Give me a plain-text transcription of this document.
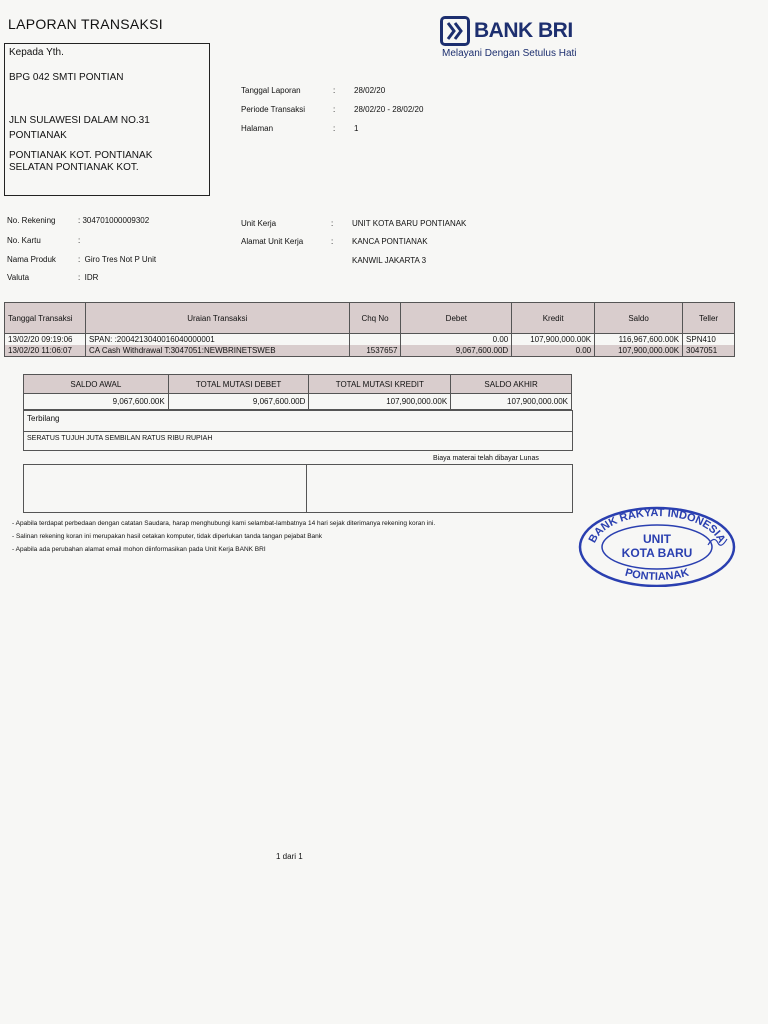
LAPORAN TRANSAKSI
Kepada Yth.
BPG 042 SMTI PONTIAN
JLN SULAWESI DALAM NO.31
PONTIANAK
PONTIANAK KOT. PONTIANAK
SELATAN PONTIANAK KOT.
BANK BRI
Melayani Dengan Setulus Hati
Tanggal Laporan	: 28/02/20
Periode Transaksi	: 28/02/20 - 28/02/20
Halaman	: 1
No. Rekening	: 304701000009302
No. Kartu	:
Nama Produk	:  Giro Tres Not P Unit
Valuta	:  IDR
Unit Kerja	: UNIT KOTA BARU PONTIANAK
Alamat Unit Kerja	: KANCA PONTIANAK
KANWIL JAKARTA 3
Tanggal Transaksi	Uraian Transaksi	Chq No	Debet	Kredit	Saldo	Teller
13/02/20 09:19:06	SPAN: :2004213040016040000001		0.00	107,900,000.00K	116,967,600.00K	SPN410
13/02/20 11:06:07	CA Cash Withdrawal T:3047051:NEWBRINETSWEB	1537657	9,067,600.00D	0.00	107,900,000.00K	3047051
SALDO AWAL	TOTAL MUTASI DEBET	TOTAL MUTASI KREDIT	SALDO AKHIR
9,067,600.00K	9,067,600.00D	107,900,000.00K	107,900,000.00K
Terbilang
SERATUS TUJUH JUTA SEMBILAN RATUS RIBU RUPIAH
Biaya materai telah dibayar Lunas
- Apabila terdapat perbedaan dengan catatan Saudara, harap menghubungi kami selambat-lambatnya 14 hari sejak diterimanya rekening koran ini.
- Salinan rekening koran ini merupakan hasil cetakan komputer, tidak diperlukan tanda tangan pejabat Bank
- Apabila ada perubahan alamat email mohon diinformasikan pada Unit Kerja BANK BRI
BANK RAKYAT INDONESIA
PONTIANAK
UNIT
KOTA BARU
1 dari 1
